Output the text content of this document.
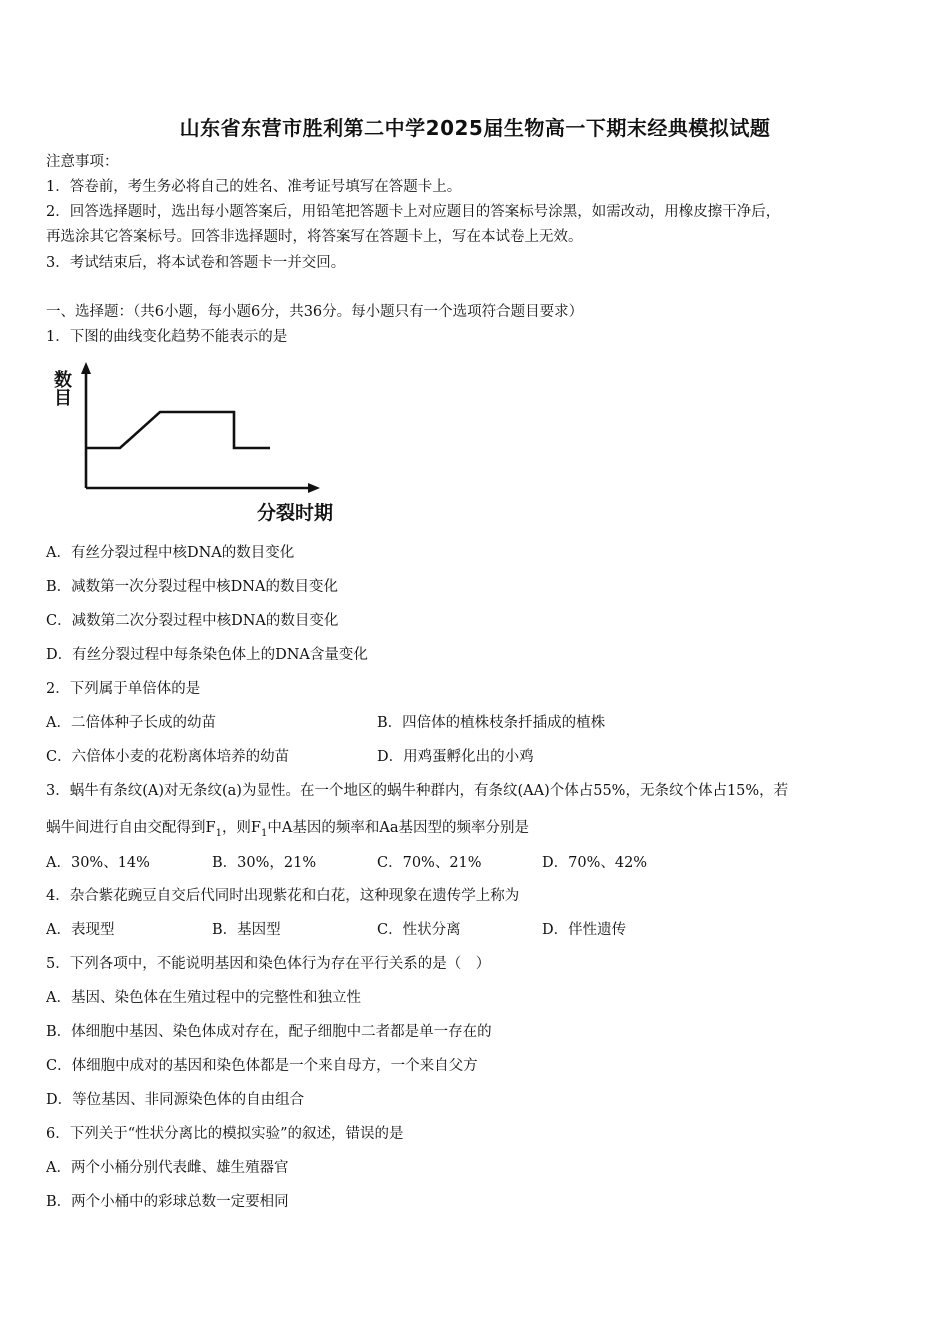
山东省东营市胜利第二中学2025届生物高一下期末经典模拟试题
注意事项：
1．答卷前，考生务必将自己的姓名、准考证号填写在答题卡上。
2．回答选择题时，选出每小题答案后，用铅笔把答题卡上对应题目的答案标号涂黑，如需改动，用橡皮擦干净后，
再选涂其它答案标号。回答非选择题时，将答案写在答题卡上，写在本试卷上无效。
3．考试结束后，将本试卷和答题卡一并交回。
一、选择题：（共6小题，每小题6分，共36分。每小题只有一个选项符合题目要求）
1．下图的曲线变化趋势不能表示的是
数目
分裂时期
A．有丝分裂过程中核DNA的数目变化
B．减数第一次分裂过程中核DNA的数目变化
C．减数第二次分裂过程中核DNA的数目变化
D．有丝分裂过程中每条染色体上的DNA含量变化
2．下列属于单倍体的是
A．二倍体种子长成的幼苗	B．四倍体的植株枝条扦插成的植株
C．六倍体小麦的花粉离体培养的幼苗	D．用鸡蛋孵化出的小鸡
3．蜗牛有条纹(A)对无条纹(a)为显性。在一个地区的蜗牛种群内，有条纹(AA)个体占55%，无条纹个体占15%，若
蜗牛间进行自由交配得到$F_1$，则$F_1$中A基因的频率和Aa基因型的频率分别是
A．30%、14%	B．30%，21%	C．70%、21%	D．70%、42%
4．杂合紫花豌豆自交后代同时出现紫花和白花，这种现象在遗传学上称为
A．表现型	B．基因型	C．性状分离	D．伴性遗传
5．下列各项中，不能说明基因和染色体行为存在平行关系的是（　）
A．基因、染色体在生殖过程中的完整性和独立性
B．体细胞中基因、染色体成对存在，配子细胞中二者都是单一存在的
C．体细胞中成对的基因和染色体都是一个来自母方，一个来自父方
D．等位基因、非同源染色体的自由组合
6．下列关于“性状分离比的模拟实验”的叙述，错误的是
A．两个小桶分别代表雌、雄生殖器官
B．两个小桶中的彩球总数一定要相同
